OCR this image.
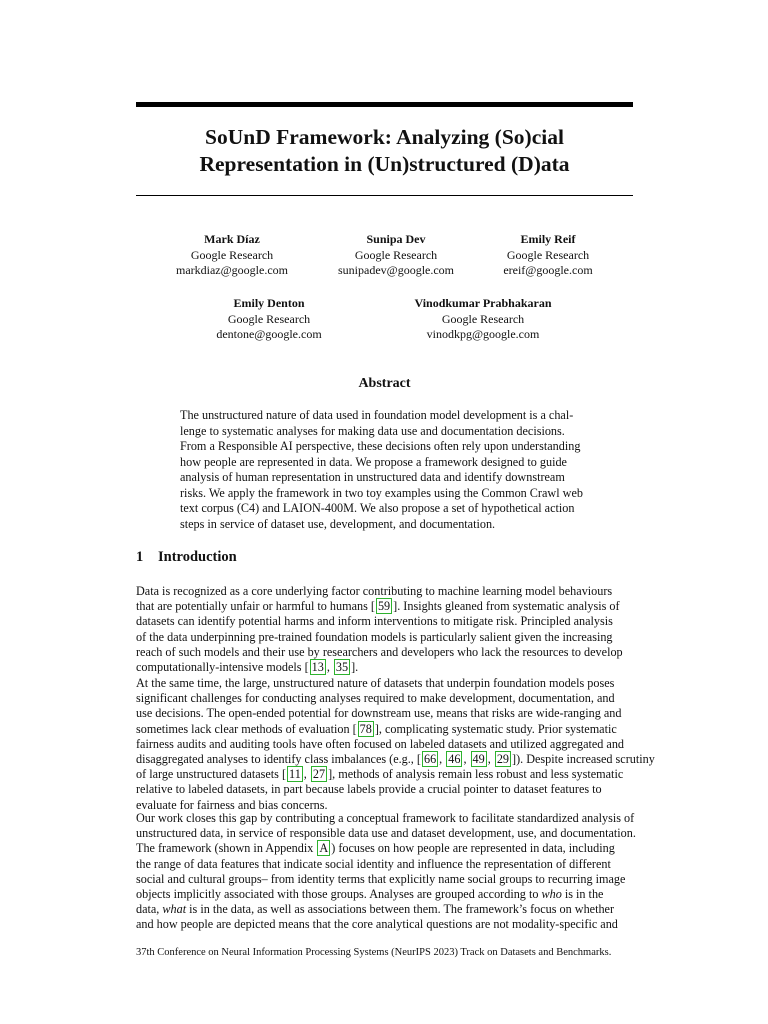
SoUnD Framework: Analyzing (So)cial
Representation in (Un)structured (D)ata
Mark Díaz
Google Research
markdiaz@google.com
Sunipa Dev
Google Research
sunipadev@google.com
Emily Reif
Google Research
ereif@google.com
Emily Denton
Google Research
dentone@google.com
Vinodkumar Prabhakaran
Google Research
vinodkpg@google.com
Abstract

The unstructured nature of data used in foundation model development is a chal-
lenge to systematic analyses for making data use and documentation decisions.
From a Responsible AI perspective, these decisions often rely upon understanding
how people are represented in data. We propose a framework designed to guide
analysis of human representation in unstructured data and identify downstream
risks. We apply the framework in two toy examples using the Common Crawl web
text corpus (C4) and LAION-400M. We also propose a set of hypothetical action
steps in service of dataset use, development, and documentation.

1 Introduction

Data is recognized as a core underlying factor contributing to machine learning model behaviours
that are potentially unfair or harmful to humans [ 59 ]. Insights gleaned from systematic analysis of
datasets can identify potential harms and inform interventions to mitigate risk. Principled analysis
of the data underpinning pre-trained foundation models is particularly salient given the increasing
reach of such models and their use by researchers and developers who lack the resources to develop
computationally-intensive models [ 13 , 35 ].

At the same time, the large, unstructured nature of datasets that underpin foundation models poses
significant challenges for conducting analyses required to make development, documentation, and
use decisions. The open-ended potential for downstream use, means that risks are wide-ranging and
sometimes lack clear methods of evaluation [ 78 ], complicating systematic study. Prior systematic
fairness audits and auditing tools have often focused on labeled datasets and utilized aggregated and
disaggregated analyses to identify class imbalances (e.g., [ 66 , 46 , 49 , 29 ]). Despite increased scrutiny
of large unstructured datasets [ 11 , 27 ], methods of analysis remain less robust and less systematic
relative to labeled datasets, in part because labels provide a crucial pointer to dataset features to
evaluate for fairness and bias concerns.

Our work closes this gap by contributing a conceptual framework to facilitate standardized analysis of
unstructured data, in service of responsible data use and dataset development, use, and documentation.
The framework (shown in Appendix A ) focuses on how people are represented in data, including
the range of data features that indicate social identity and influence the representation of different
social and cultural groups– from identity terms that explicitly name social groups to recurring image
objects implicitly associated with those groups. Analyses are grouped according to who is in the
data, what is in the data, as well as associations between them. The framework’s focus on whether
and how people are depicted means that the core analytical questions are not modality-specific and

37th Conference on Neural Information Processing Systems (NeurIPS 2023) Track on Datasets and Benchmarks.
